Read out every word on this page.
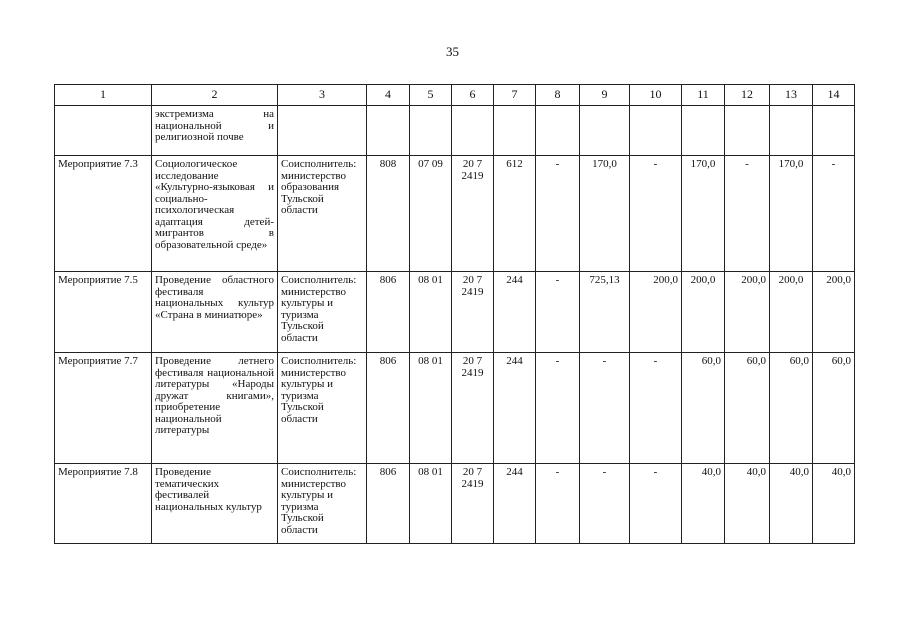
35
1	2	3	4	5	6	7	8	9	10	11	12	13	14
	экстремизма на национальной и религиозной почве												
Мероприятие 7.3	Социологическое исследование «Культурно-языковая и социально-психологическая адаптация детей-мигрантов в образовательной среде»	Соисполнитель: министерство образования Тульской области	808	07 09	20 7 2419	612	-	170,0	-	170,0	-	170,0	-
Мероприятие 7.5	Проведение областного фестиваля национальных культур «Страна в миниатюре»	Соисполнитель: министерство культуры и туризма Тульской области	806	08 01	20 7 2419	244	-	725,13	200,0	200,0	200,0	200,0	200,0
Мероприятие 7.7	Проведение летнего фестиваля национальной литературы «Народы дружат книгами», приобретение национальной литературы	Соисполнитель: министерство культуры и туризма Тульской области	806	08 01	20 7 2419	244	-	-	-	60,0	60,0	60,0	60,0
Мероприятие 7.8	Проведение тематических фестивалей национальных культур	Соисполнитель: министерство культуры и туризма Тульской области	806	08 01	20 7 2419	244	-	-	-	40,0	40,0	40,0	40,0
